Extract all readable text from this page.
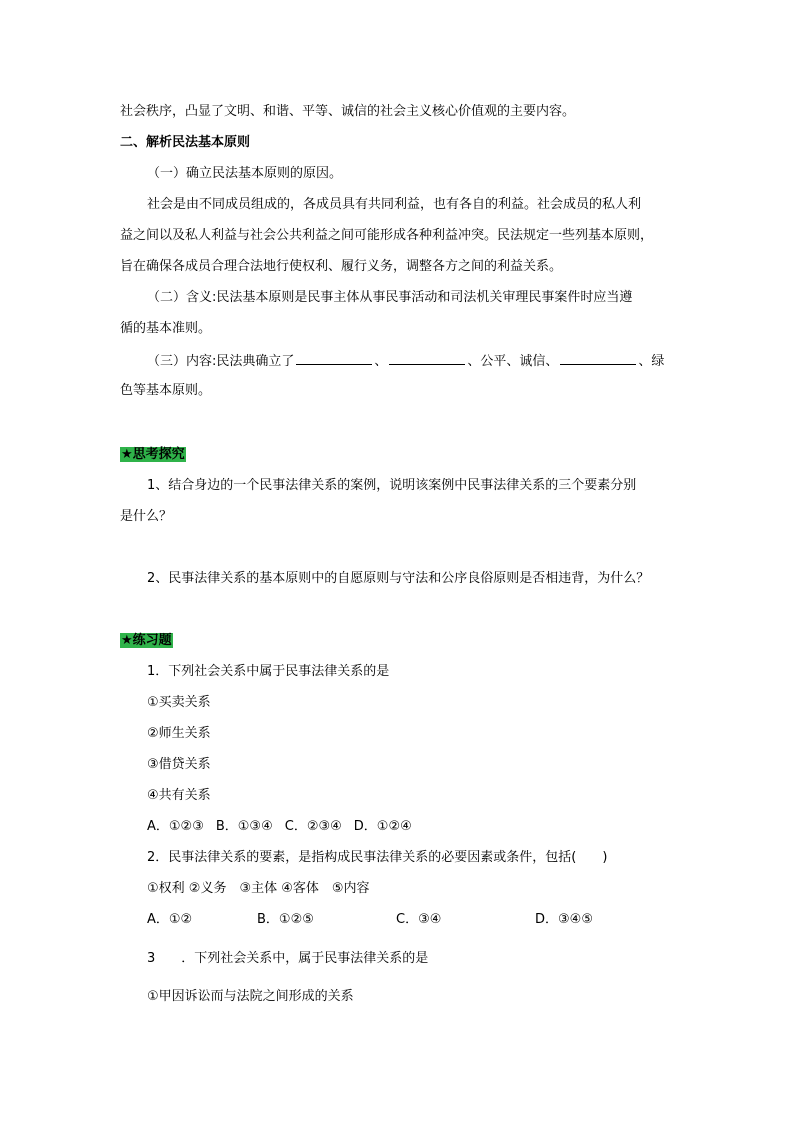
社会秩序，凸显了文明、和谐、平等、诚信的社会主义核心价值观的主要内容。
二、解析民法基本原则
（一）确立民法基本原则的原因。
社会是由不同成员组成的，各成员具有共同利益，也有各自的利益。社会成员的私人利
益之间以及私人利益与社会公共利益之间可能形成各种利益冲突。民法规定一些列基本原则，
旨在确保各成员合理合法地行使权利、履行义务，调整各方之间的利益关系。
（二）含义:民法基本原则是民事主体从事民事活动和司法机关审理民事案件时应当遵
循的基本准则。
（三）内容:民法典确立了	、	、公平、诚信、	、绿
色等基本原则。
★思考探究
1、结合身边的一个民事法律关系的案例，说明该案例中民事法律关系的三个要素分别
是什么？
2、民事法律关系的基本原则中的自愿原则与守法和公序良俗原则是否相违背，为什么？
★练习题
1．下列社会关系中属于民事法律关系的是
①买卖关系
②师生关系
③借贷关系
④共有关系
A．①②③ B．①③④ C．②③④ D．①②④
2．民事法律关系的要素，是指构成民事法律关系的必要因素或条件，包括(　　)
①权利 ②义务　③主体 ④客体　⑤内容
A．①②	B．①②⑤	C．③④	D．③④⑤
3 ．下列社会关系中，属于民事法律关系的是
①甲因诉讼而与法院之间形成的关系
